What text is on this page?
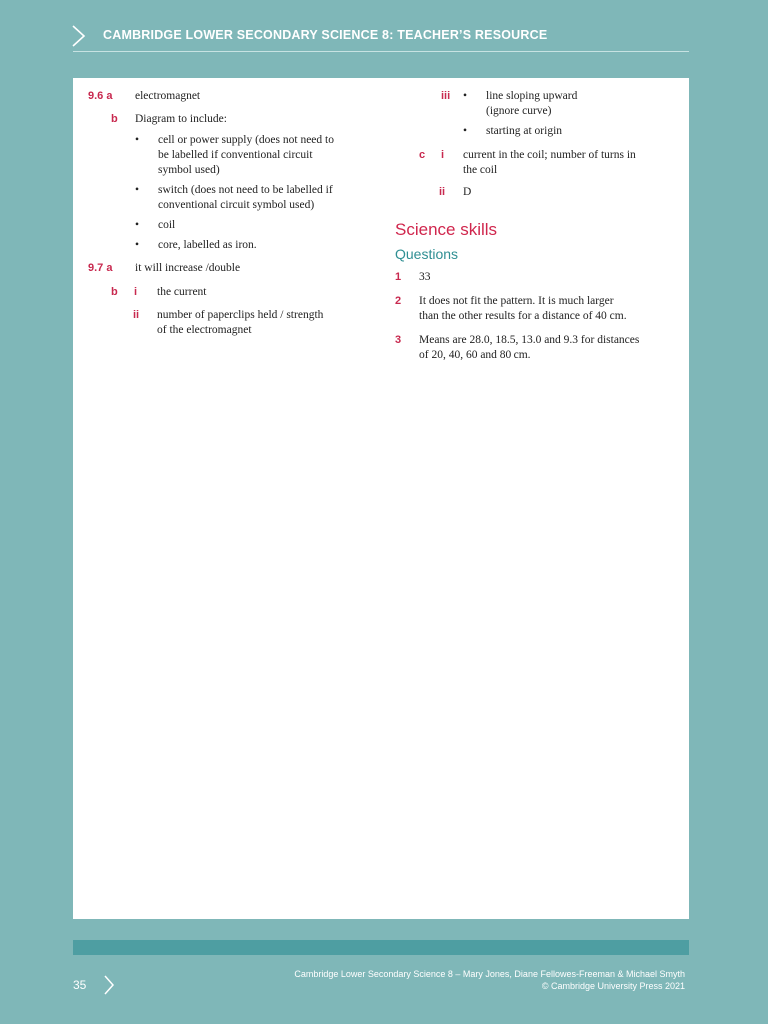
CAMBRIDGE LOWER SECONDARY SCIENCE 8: TEACHER’S RESOURCE
9.6 a electromagnet
b Diagram to include:
• cell or power supply (does not need to
be labelled if conventional circuit
symbol used)
• switch (does not need to be labelled if
conventional circuit symbol used)
• coil
• core, labelled as iron.
9.7 a it will increase /double
b i the current
ii number of paperclips held / strength
of the electromagnet
iii • line sloping upward
(ignore curve)
• starting at origin
c i current in the coil; number of turns in
the coil
ii D
Science skills
Questions
1 33
2 It does not fit the pattern. It is much larger
than the other results for a distance of 40 cm.
3 Means are 28.0, 18.5, 13.0 and 9.3 for distances
of 20, 40, 60 and 80 cm.
35
Cambridge Lower Secondary Science 8 – Mary Jones, Diane Fellowes-Freeman & Michael Smyth
© Cambridge University Press 2021
